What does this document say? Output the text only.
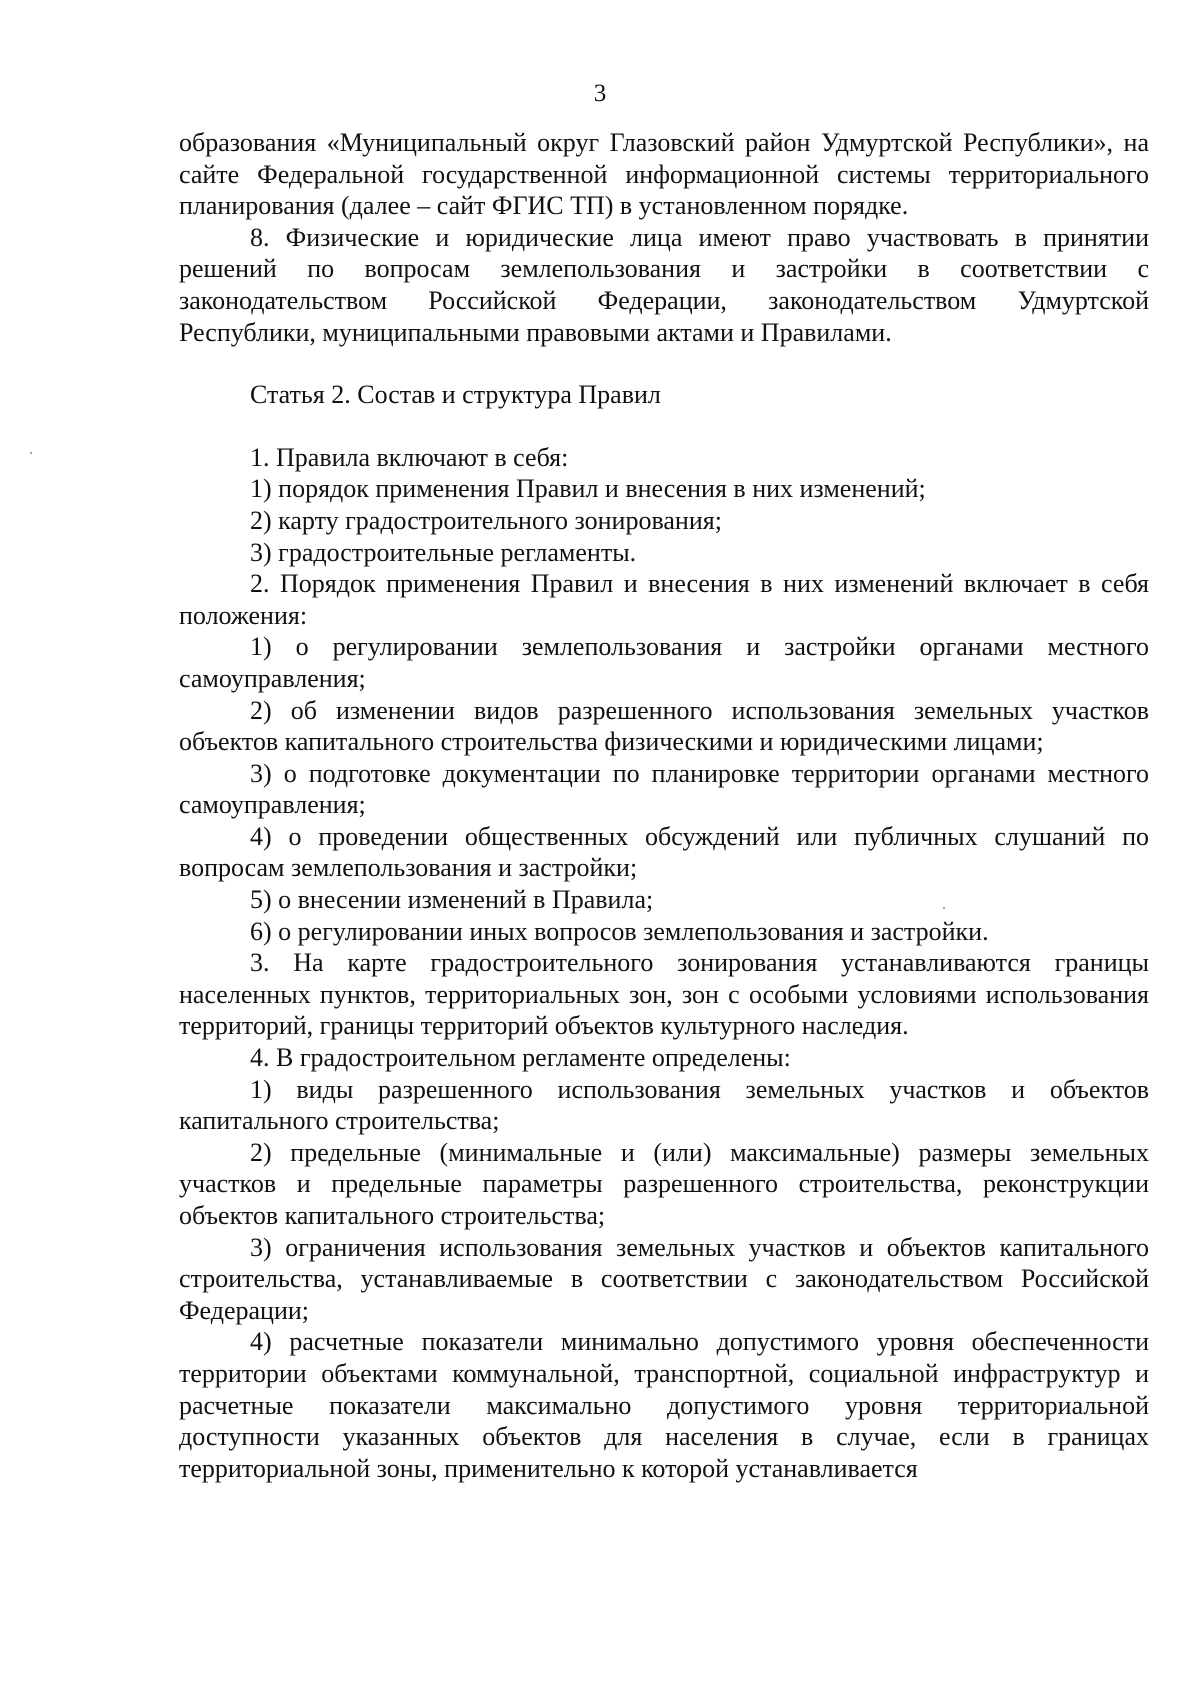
3

образования «Муниципальный округ Глазовский район Удмуртской Республики», на сайте Федеральной государственной информационной системы территориального планирования (далее – сайт ФГИС ТП) в установленном порядке.

8. Физические и юридические лица имеют право участвовать в принятии решений по вопросам землепользования и застройки в соответствии с законодательством Российской Федерации, законодательством Удмуртской Республики, муниципальными правовыми актами и Правилами.

Статья 2. Состав и структура Правил

1. Правила включают в себя:

1) порядок применения Правил и внесения в них изменений;

2) карту градостроительного зонирования;

3) градостроительные регламенты.

2. Порядок применения Правил и внесения в них изменений включает в себя положения:

1) о регулировании землепользования и застройки органами местного самоуправления;

2) об изменении видов разрешенного использования земельных участков объектов капитального строительства физическими и юридическими лицами;

3) о подготовке документации по планировке территории органами местного самоуправления;

4) о проведении общественных обсуждений или публичных слушаний по вопросам землепользования и застройки;

5) о внесении изменений в Правила;

6) о регулировании иных вопросов землепользования и застройки.

3. На карте градостроительного зонирования устанавливаются границы населенных пунктов, территориальных зон, зон с особыми условиями использования территорий, границы территорий объектов культурного наследия.

4. В градостроительном регламенте определены:

1) виды разрешенного использования земельных участков и объектов капитального строительства;

2) предельные (минимальные и (или) максимальные) размеры земельных участков и предельные параметры разрешенного строительства, реконструкции объектов капитального строительства;

3) ограничения использования земельных участков и объектов капитального строительства, устанавливаемые в соответствии с законодательством Российской Федерации;

4) расчетные показатели минимально допустимого уровня обеспеченности территории объектами коммунальной, транспортной, социальной инфраструктур и расчетные показатели максимально допустимого уровня территориальной доступности указанных объектов для населения в случае, если в границах территориальной зоны, применительно к которой устанавливается
